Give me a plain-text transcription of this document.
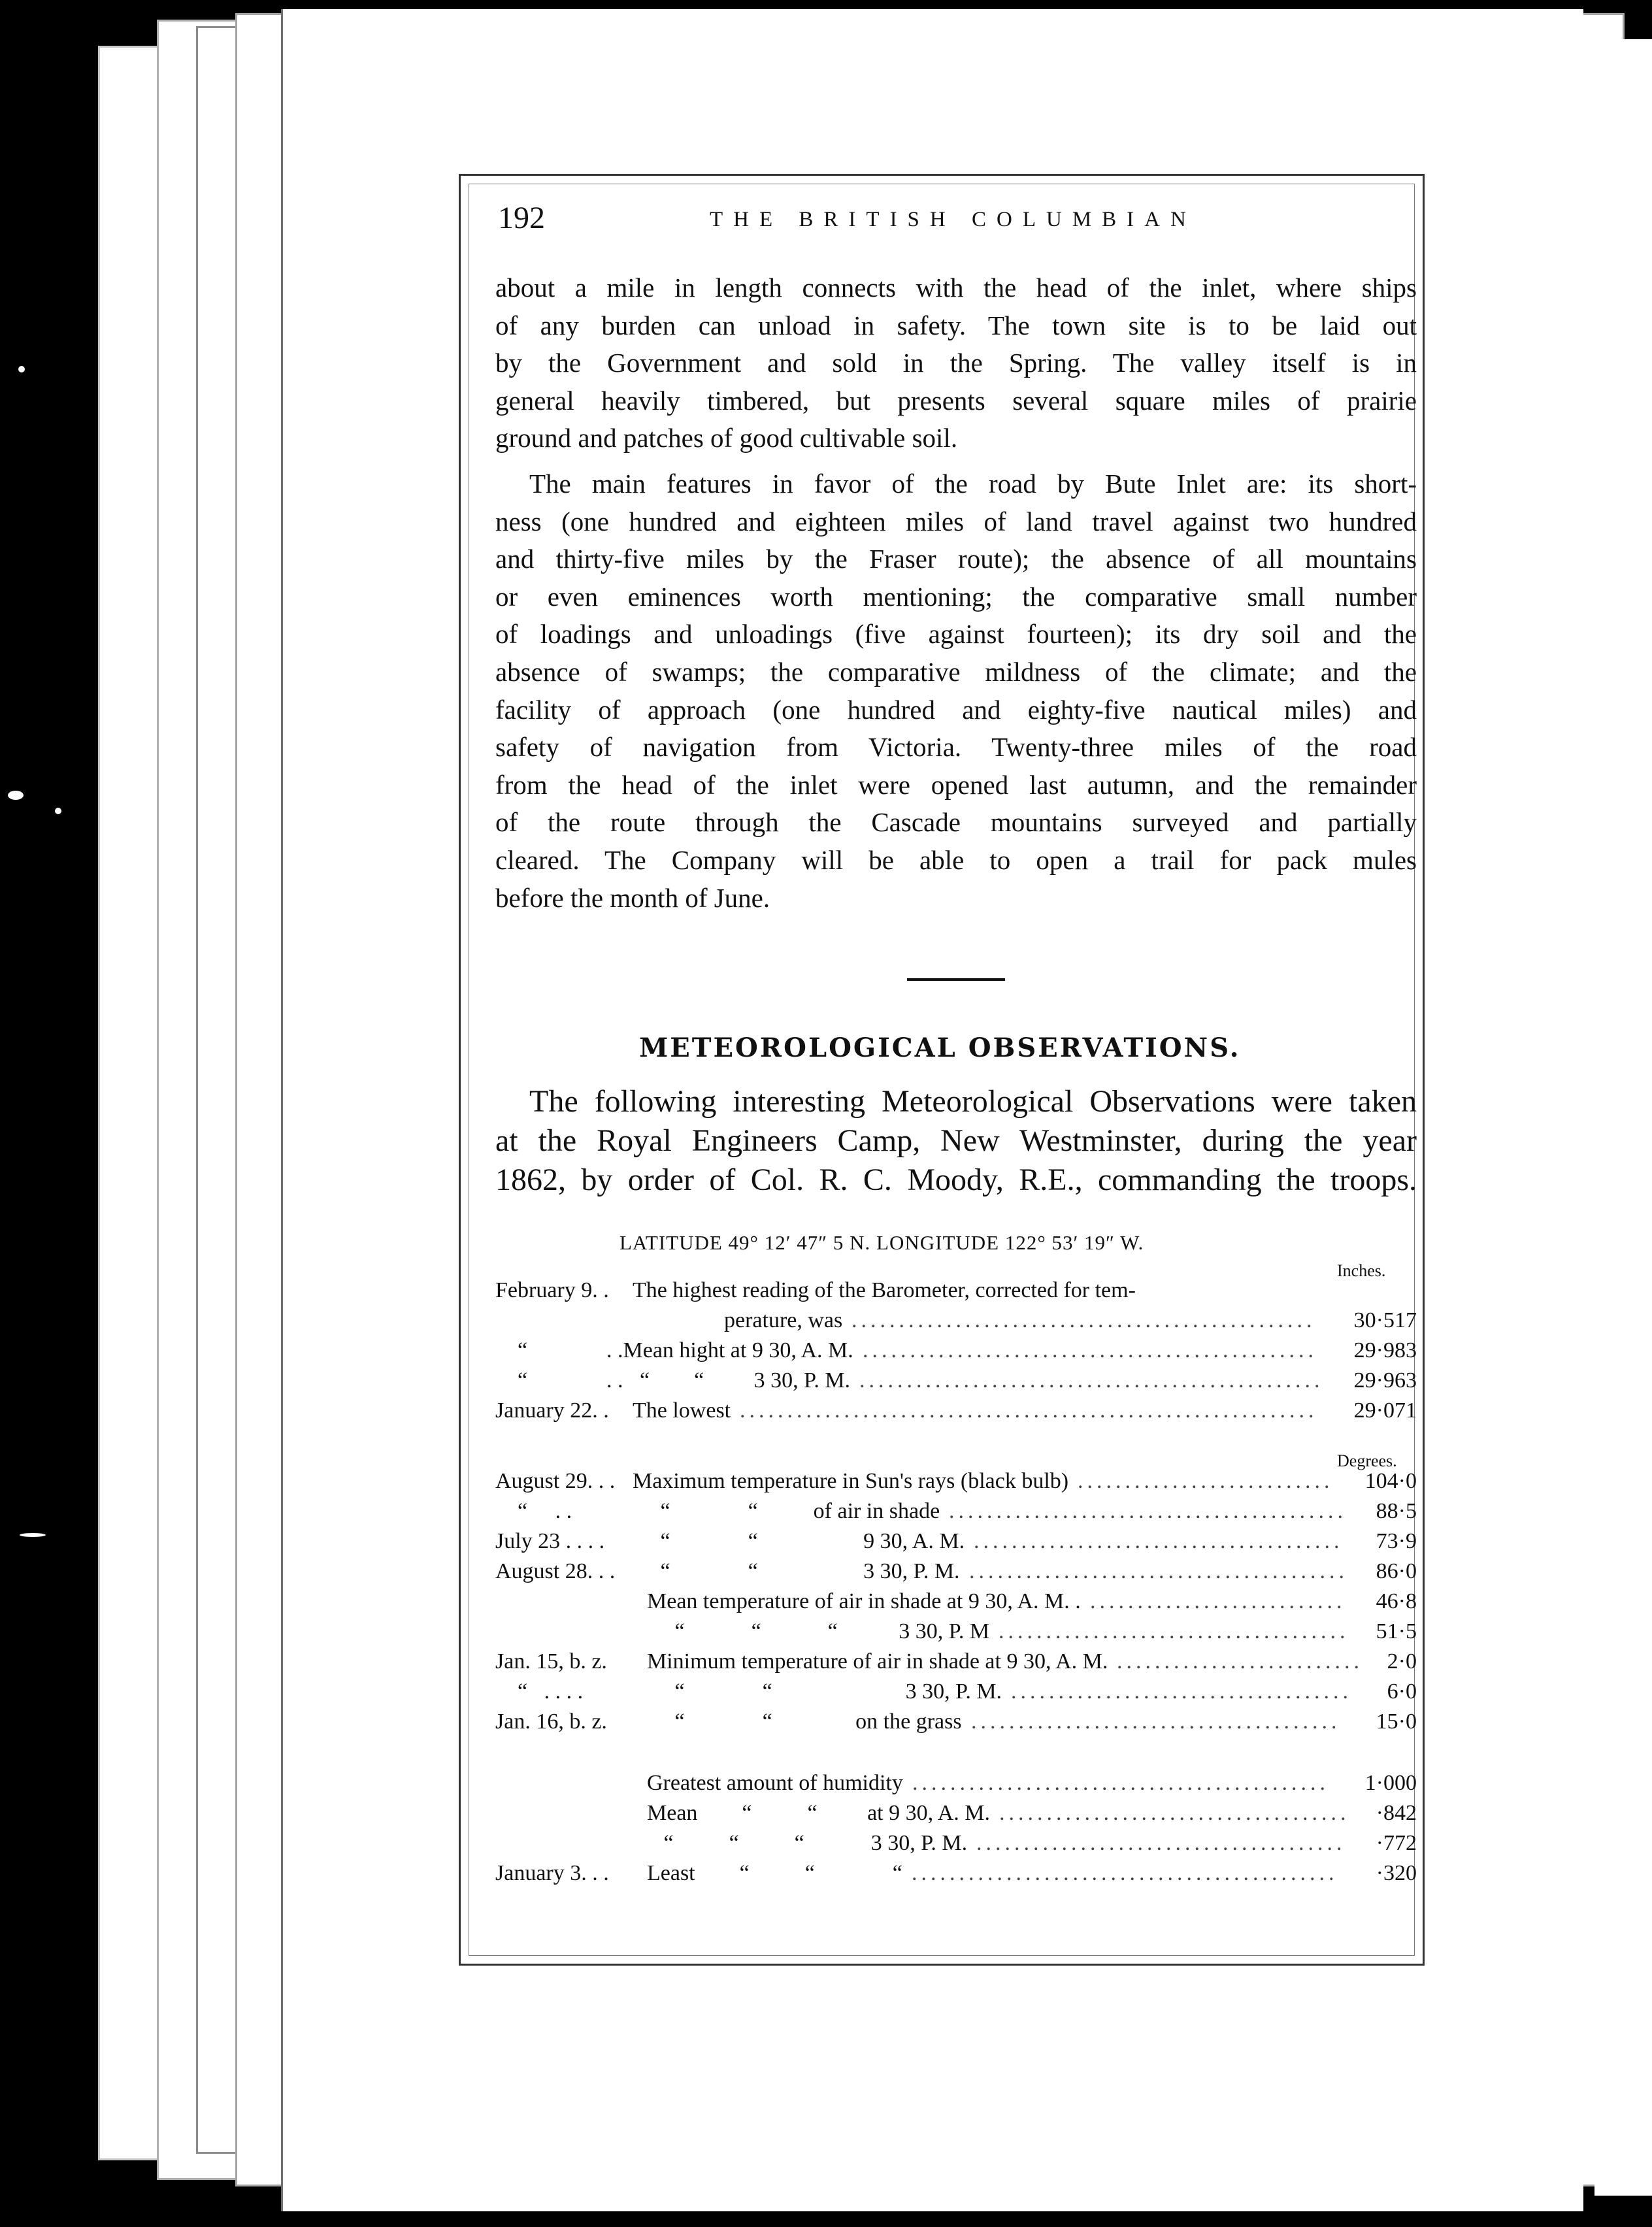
192	THE BRITISH COLUMBIAN

about a mile in length connects with the head of the inlet, where ships
of any burden can unload in safety. The town site is to be laid out
by the Government and sold in the Spring. The valley itself is in
general heavily timbered, but presents several square miles of prairie
ground and patches of good cultivable soil.

The main features in favor of the road by Bute Inlet are: its short-
ness (one hundred and eighteen miles of land travel against two hundred
and thirty-five miles by the Fraser route); the absence of all mountains
or even eminences worth mentioning; the comparative small number
of loadings and unloadings (five against fourteen); its dry soil and the
absence of swamps; the comparative mildness of the climate; and the
facility of approach (one hundred and eighty-five nautical miles) and
safety of navigation from Victoria. Twenty-three miles of the road
from the head of the inlet were opened last autumn, and the remainder
of the route through the Cascade mountains surveyed and partially
cleared. The Company will be able to open a trail for pack mules
before the month of June.

METEOROLOGICAL OBSERVATIONS.

The following interesting Meteorological Observations were taken
at the Royal Engineers Camp, New Westminster, during the year
1862, by order of Col. R. C. Moody, R.E., commanding the troops.

LATITUDE 49° 12′ 47″ 5 N. LONGITUDE 122° 53′ 19″ W.
Inches.
Degrees.
February 9. . The highest reading of the Barometer, corrected for tem-
perature, was	30·517
.................................................
“	. .Mean hight at 9 30, A. M.	29·983
................................................
“	. .   “        “         3 30, P. M.	29·963
.................................................
January 22. . The lowest	29·071
.............................................................
August 29. . . Maximum temperature in Sun's rays (black bulb)	104·0
...........................
“     . .	“              “          of air in shade	88·5
..........................................
July 23 . . . . “              “                   9 30, A. M.	73·9
.......................................
August 28. . . “              “                   3 30, P. M.	86·0
........................................
Mean temperature of air in shade at 9 30, A. M. .	46·8
...........................
“            “            “           3 30, P. M	51·5
.....................................
Jan. 15, b. z. Minimum temperature of air in shade at 9 30, A. M.	2·0
..........................
“   . . . .	“              “                        3 30, P. M.	6·0
....................................
Jan. 16, b. z. “              “               on the grass	15·0
.......................................
Greatest amount of humidity	1·000
............................................
Mean        “          “         at 9 30, A. M.	·842
.....................................
“          “          “            3 30, P. M.	·772
.......................................
January 3. . . Least        “          “              “	·320
.............................................
